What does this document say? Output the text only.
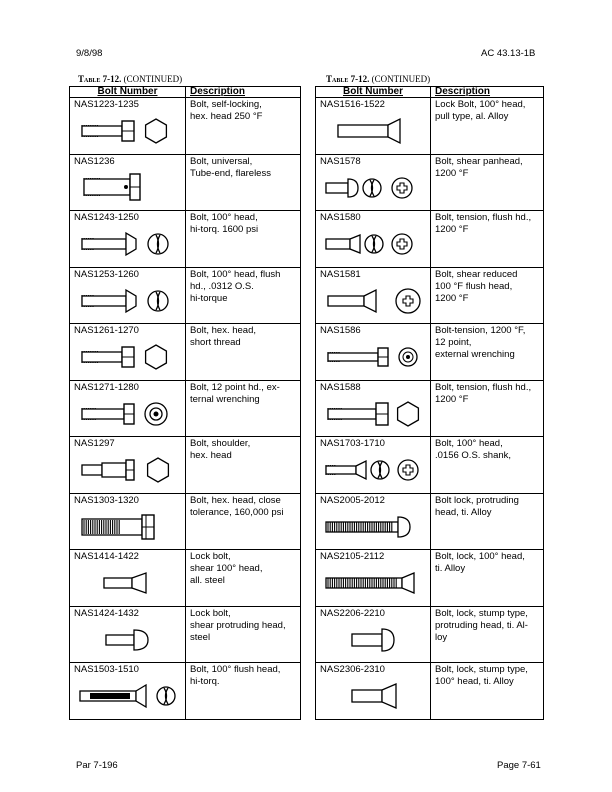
9/8/98	AC 43.13-1B
Table 7-12. (CONTINUED)	Table 7-12. (CONTINUED)
Bolt Number	Description

NAS1223-1235	Bolt, self-locking,
hex. head 250 °F

NAS1236	Bolt, universal,
Tube-end, flareless

NAS1243-1250	Bolt, 100° head,
hi-torq. 1600 psi

NAS1253-1260	Bolt, 100° head, flush
hd., .0312 O.S.
hi-torque

NAS1261-1270	Bolt, hex. head,
short thread

NAS1271-1280	Bolt, 12 point hd., ex-
ternal wrenching

NAS1297	Bolt, shoulder,
hex. head

NAS1303-1320	Bolt, hex. head, close
tolerance, 160,000 psi

NAS1414-1422	Lock bolt,
shear 100° head,
all. steel

NAS1424-1432	Lock bolt,
shear protruding head,
steel

NAS1503-1510	Bolt, 100° flush head,
hi-torq.
Bolt Number	Description

NAS1516-1522	Lock Bolt, 100° head,
pull type, al. Alloy

NAS1578	Bolt, shear panhead,
1200 °F

NAS1580	Bolt, tension, flush hd.,
1200 °F

NAS1581	Bolt, shear reduced
100 °F flush head,
1200 °F

NAS1586	Bolt-tension, 1200 °F,
12 point,
external wrenching

NAS1588	Bolt, tension, flush hd.,
1200 °F

NAS1703-1710	Bolt, 100° head,
.0156 O.S. shank,

NAS2005-2012	Bolt lock, protruding
head, ti. Alloy

NAS2105-2112	Bolt, lock, 100° head,
ti. Alloy

NAS2206-2210	Bolt, lock, stump type,
protruding head, ti. Al-
loy

NAS2306-2310	Bolt, lock, stump type,
100° head, ti. Alloy
Par 7-196	Page 7-61
